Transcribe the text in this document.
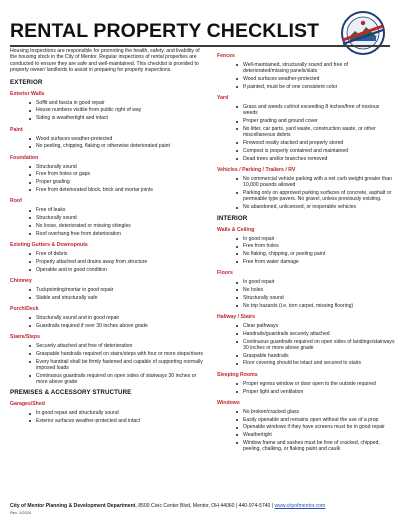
RENTAL PROPERTY CHECKLIST

Housing Inspections are responsible for promoting the health, safety, and livability of the housing stock in the City of Mentor. Regular inspections of rental properties are conducted to ensure they are safe and well-maintained. This checklist is provided to property owner/ landlords to assist in preparing for property inspections.

EXTERIOR
Exterior Walls
Soffit and fascia in good repair
House numbers visible from public right of way
Siding is weathertight and intact
Paint
Wood surfaces weather-protected
No peeling, chipping, flaking or otherwise deteriorated paint
Foundation
Structurally sound
Free from holes or gaps
Proper grading
Free from deteriorated block, brick and mortar joints
Roof
Free of leaks
Structurally sound
No loose, deteriorated or missing shingles
Roof overhang free from deterioration
Existing Gutters & Downspouts
Free of debris
Properly attached and drains away from structure
Operable and in good condition
Chimney
Tuckpointing/mortar in good repair
Stable and structurally safe
Porch/Deck
Structurally sound and in good repair
Guardrails required if over 30 inches above grade
Stairs/Steps
Securely attached and free of deterioration
Graspable handrails required on stairs/steps with four or more steps/risers
Every handrail shall be firmly fastened and capable of supporting normally imposed loads
Continuous guardrails required on open sides of stairways 30 inches or more above grade
PREMISES & ACCESSORY STRUCTURE
Garages/Shed
In good repair and structurally sound
Exterior surfaces weather-protected and intact
Fences
Well-maintained, structurally sound and free of deteriorated/missing panels/slats
Wood surfaces weather-protected
If painted, must be of one consistent color
Yard
Grass and weeds cut/not exceeding 8 inches/free of noxious weeds
Proper grading and ground cover
No litter, car parts, yard waste, construction waste, or other miscellaneous debris
Firewood neatly stacked and properly stored
Compost is properly contained and maintained
Dead trees and/or branches removed
Vehicles / Parking / Trailers / RV
No commercial vehicle parking with a net curb weight greater than 10,000 pounds allowed
Parking only on approved parking surfaces of concrete, asphalt or permeable type pavers. No gravel, unless previously existing.
No abandoned, unlicensed, or inoperable vehicles
INTERIOR
Walls & Ceiling
In good repair
Free from holes
No flaking, chipping, or peeling paint
Free from water damage
Floors
In good repair
No holes
Structurally sound
No trip hazards (i.e. torn carpet, missing flooring)
Hallway / Stairs
Clear pathways
Handrails/guardrails securely attached
Continuous guardrails required on open sides of landings/stairways 30 inches or more above grade
Graspable handrails
Floor covering should be intact and secured to stairs
Sleeping Rooms
Proper egress window or door open to the outside required
Proper light and ventilation
Windows
No broken/cracked glass
Easily openable and remains open without the use of a prop
Openable windows if they have screens must be in good repair
Weathertight
Window frame and sashes must be free of cracked, chipped, peeling, chalking, or flaking paint and caulk
City of Mentor Planning & Development Department, 8500 Civic Center Blvd, Mentor, OH 44060 | 440-974-5740 | www.cityofmentor.com
Rev. 1/2024
